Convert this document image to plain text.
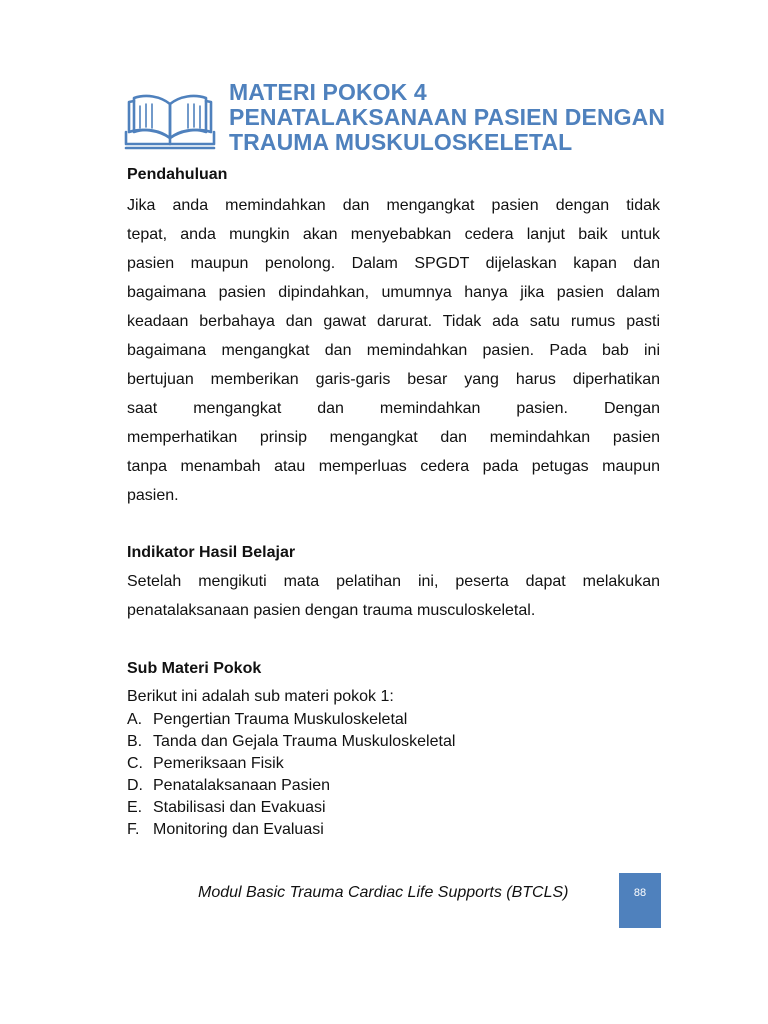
MATERI POKOK 4
PENATALAKSANAAN PASIEN DENGAN
TRAUMA MUSKULOSKELETAL
Pendahuluan
Jika anda memindahkan dan mengangkat pasien dengan tidak
tepat, anda mungkin akan menyebabkan cedera lanjut baik untuk
pasien maupun penolong. Dalam SPGDT dijelaskan kapan dan
bagaimana pasien dipindahkan, umumnya hanya jika pasien dalam
keadaan berbahaya dan gawat darurat. Tidak ada satu rumus pasti
bagaimana mengangkat dan memindahkan pasien. Pada bab ini
bertujuan memberikan garis-garis besar yang harus diperhatikan
saat mengangkat dan memindahkan pasien. Dengan
memperhatikan prinsip mengangkat dan memindahkan pasien
tanpa menambah atau memperluas cedera pada petugas maupun
pasien.
Indikator Hasil Belajar
Setelah mengikuti mata pelatihan ini, peserta dapat melakukan
penatalaksanaan pasien dengan trauma musculoskeletal.
Sub Materi Pokok
Berikut ini adalah sub materi pokok 1:
A. Pengertian Trauma Muskuloskeletal
B. Tanda dan Gejala Trauma Muskuloskeletal
C. Pemeriksaan Fisik
D. Penatalaksanaan Pasien
E. Stabilisasi dan Evakuasi
F. Monitoring dan Evaluasi
Modul Basic Trauma Cardiac Life Supports (BTCLS)	88
